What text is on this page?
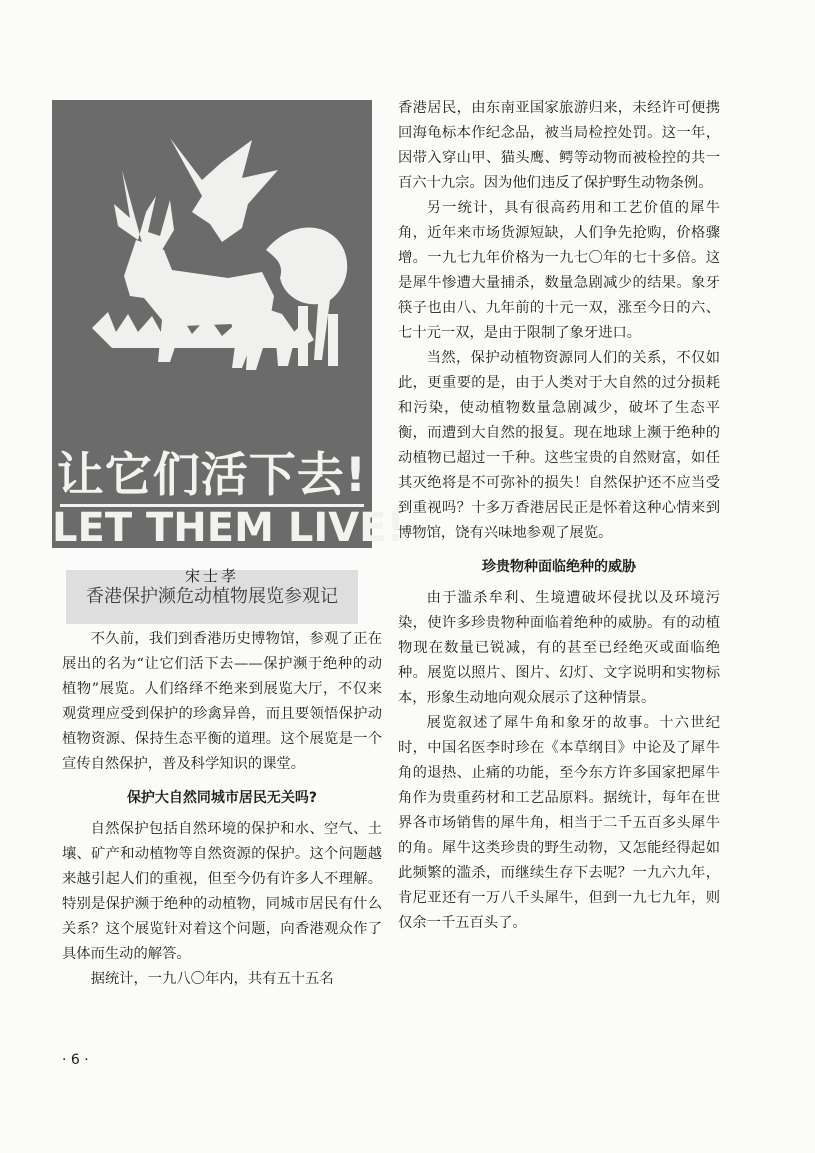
让它们活下去!
LET THEM LIVE!
香港保护濒危动植物展览参观记
宋士孝

不久前，我们到香港历史博物馆，参观了正在展出的名为“让它们活下去——保护濒于绝种的动植物”展览。人们络绎不绝来到展览大厅，不仅来观赏理应受到保护的珍禽异兽，而且要领悟保护动植物资源、保持生态平衡的道理。这个展览是一个宣传自然保护，普及科学知识的课堂。

保护大自然同城市居民无关吗?

自然保护包括自然环境的保护和水、空气、土壤、矿产和动植物等自然资源的保护。这个问题越来越引起人们的重视，但至今仍有许多人不理解。特别是保护濒于绝种的动植物，同城市居民有什么关系？这个展览针对着这个问题，向香港观众作了具体而生动的解答。

据统计，一九八〇年内，共有五十五名

香港居民，由东南亚国家旅游归来，未经许可便携回海龟标本作纪念品，被当局检控处罚。这一年，因带入穿山甲、猫头鹰、鳄等动物而被检控的共一百六十九宗。因为他们违反了保护野生动物条例。

另一统计，具有很高药用和工艺价值的犀牛角，近年来市场货源短缺，人们争先抢购，价格骤增。一九七九年价格为一九七〇年的七十多倍。这是犀牛惨遭大量捕杀，数量急剧减少的结果。象牙筷子也由八、九年前的十元一双，涨至今日的六、七十元一双，是由于限制了象牙进口。

当然，保护动植物资源同人们的关系，不仅如此，更重要的是，由于人类对于大自然的过分损耗和污染，使动植物数量急剧减少，破坏了生态平衡，而遭到大自然的报复。现在地球上濒于绝种的动植物已超过一千种。这些宝贵的自然财富，如任其灭绝将是不可弥补的损失！自然保护还不应当受到重视吗？十多万香港居民正是怀着这种心情来到博物馆，饶有兴味地参观了展览。

珍贵物种面临绝种的威胁

由于滥杀牟利、生境遭破坏侵扰以及环境污染，使许多珍贵物种面临着绝种的威胁。有的动植物现在数量已锐减，有的甚至已经绝灭或面临绝种。展览以照片、图片、幻灯、文字说明和实物标本，形象生动地向观众展示了这种情景。

展览叙述了犀牛角和象牙的故事。十六世纪时，中国名医李时珍在《本草纲目》中论及了犀牛角的退热、止痛的功能，至今东方许多国家把犀牛角作为贵重药材和工艺品原料。据统计，每年在世界各市场销售的犀牛角，相当于二千五百多头犀牛的角。犀牛这类珍贵的野生动物，又怎能经得起如此频繁的滥杀，而继续生存下去呢？一九六九年，肯尼亚还有一万八千头犀牛，但到一九七九年，则仅余一千五百头了。

· 6 ·
